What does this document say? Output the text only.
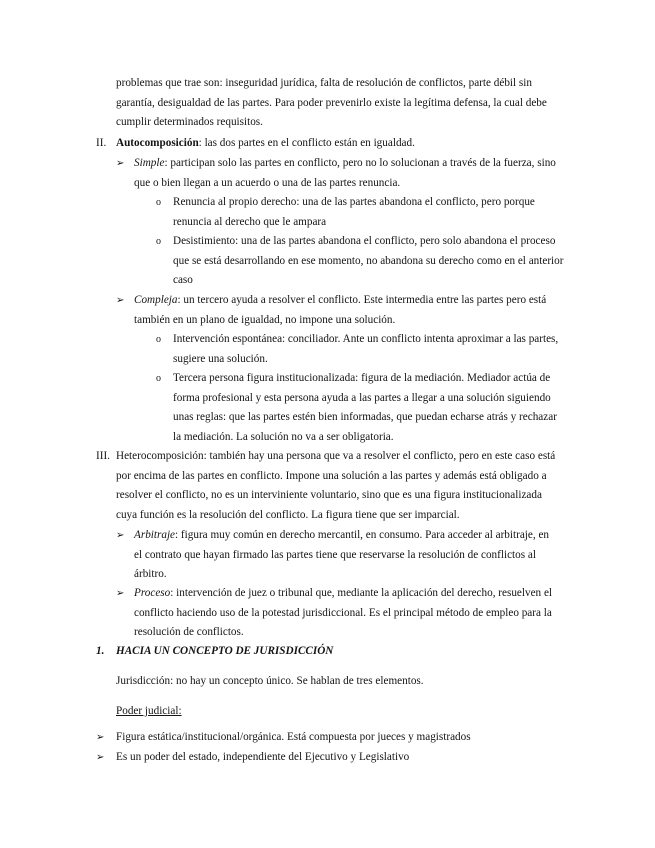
problemas que trae son: inseguridad jurídica, falta de resolución de conflictos, parte débil sin

garantía, desigualdad de las partes. Para poder prevenirlo existe la legítima defensa, la cual debe

cumplir determinados requisitos.

II. Autocomposición: las dos partes en el conflicto están en igualdad.

➢ Simple: participan solo las partes en conflicto, pero no lo solucionan a través de la fuerza, sino

que o bien llegan a un acuerdo o una de las partes renuncia.

o Renuncia al propio derecho: una de las partes abandona el conflicto, pero porque

renuncia al derecho que le ampara

o Desistimiento: una de las partes abandona el conflicto, pero solo abandona el proceso

que se está desarrollando en ese momento, no abandona su derecho como en el anterior

caso

➢ Compleja: un tercero ayuda a resolver el conflicto. Este intermedia entre las partes pero está

también en un plano de igualdad, no impone una solución.

o Intervención espontánea: conciliador. Ante un conflicto intenta aproximar a las partes,

sugiere una solución.

o Tercera persona figura institucionalizada: figura de la mediación. Mediador actúa de

forma profesional y esta persona ayuda a las partes a llegar a una solución siguiendo

unas reglas: que las partes estén bien informadas, que puedan echarse atrás y rechazar

la mediación. La solución no va a ser obligatoria.

III. Heterocomposición: también hay una persona que va a resolver el conflicto, pero en este caso está

por encima de las partes en conflicto. Impone una solución a las partes y además está obligado a

resolver el conflicto, no es un interviniente voluntario, sino que es una figura institucionalizada

cuya función es la resolución del conflicto. La figura tiene que ser imparcial.

➢ Arbitraje: figura muy común en derecho mercantil, en consumo. Para acceder al arbitraje, en

el contrato que hayan firmado las partes tiene que reservarse la resolución de conflictos al

árbitro.

➢ Proceso: intervención de juez o tribunal que, mediante la aplicación del derecho, resuelven el

conflicto haciendo uso de la potestad jurisdiccional. Es el principal método de empleo para la

resolución de conflictos.

1. HACIA UN CONCEPTO DE JURISDICCIÓN
Jurisdicción: no hay un concepto único. Se hablan de tres elementos.
Poder judicial:
➢ Figura estática/institucional/orgánica. Está compuesta por jueces y magistrados
➢ Es un poder del estado, independiente del Ejecutivo y Legislativo
